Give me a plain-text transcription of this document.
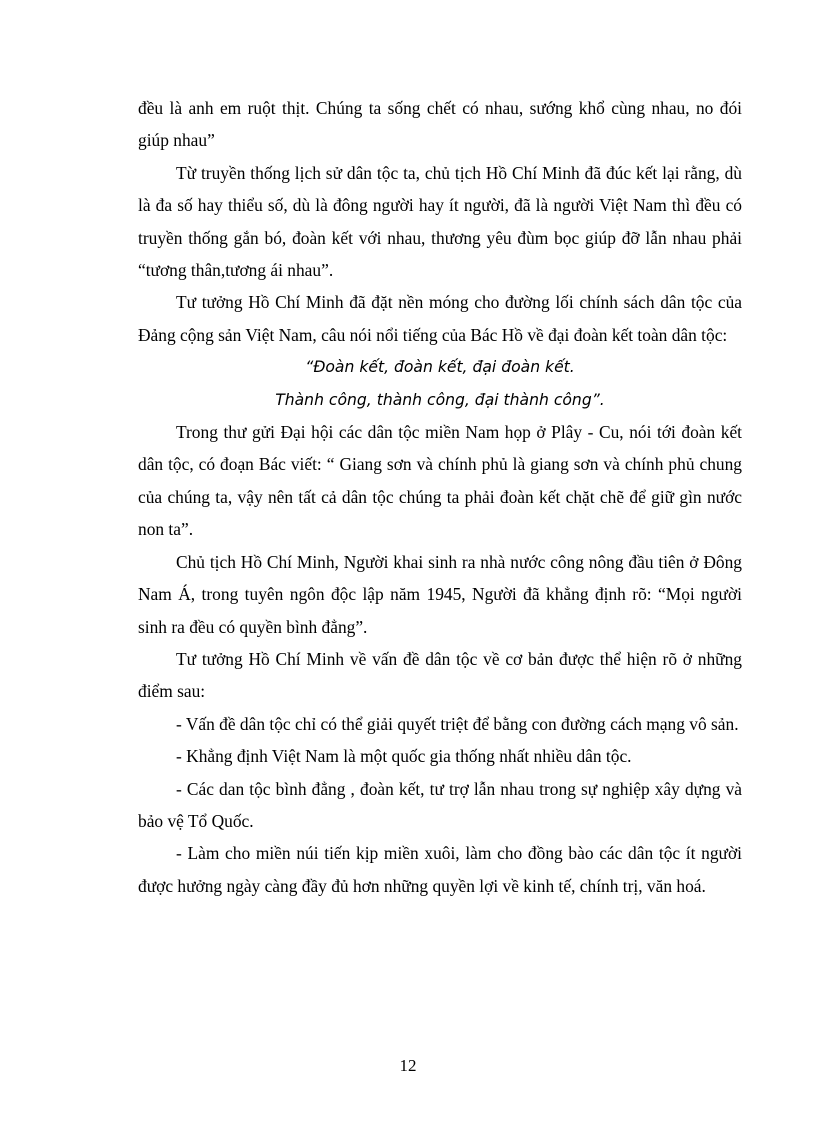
đều là anh em ruột thịt. Chúng ta sống chết có nhau, sướng khổ cùng nhau, no đói giúp nhau”

Từ truyền thống lịch sử dân tộc ta, chủ tịch Hồ Chí Minh đã đúc kết lại rằng, dù là đa số hay thiểu số, dù là đông người hay ít người, đã là người Việt Nam thì đều có truyền thống gắn bó, đoàn kết với nhau, thương yêu đùm bọc giúp đỡ lẫn nhau phải “tương thân,tương ái nhau”.

Tư tưởng Hồ Chí Minh đã đặt nền móng cho đường lối chính sách dân tộc của Đảng cộng sản Việt Nam, câu nói nổi tiếng của Bác Hồ về đại đoàn kết toàn dân tộc:

“Đoàn kết, đoàn kết, đại đoàn kết.

Thành công, thành công, đại thành công”.

Trong thư gửi Đại hội các dân tộc miền Nam họp ở Plây - Cu, nói tới đoàn kết dân tộc, có đoạn Bác viết: “ Giang sơn và chính phủ là giang sơn và chính phủ chung của chúng ta, vậy nên tất cả dân tộc chúng ta phải đoàn kết chặt chẽ để giữ gìn nước non ta”.

Chủ tịch Hồ Chí Minh, Người khai sinh ra nhà nước công nông đầu tiên ở Đông Nam Á, trong tuyên ngôn độc lập năm 1945, Người đã khẳng định rõ: “Mọi người sinh ra đều có quyền bình đẳng”.

Tư tưởng Hồ Chí Minh về vấn đề dân tộc về cơ bản được thể hiện rõ ở những điểm sau:

- Vấn đề dân tộc chỉ có thể giải quyết triệt để bằng con đường cách mạng vô sản.

- Khẳng định Việt Nam là một quốc gia thống nhất nhiều dân tộc.

- Các dan tộc bình đẳng , đoàn kết, tư trợ lẫn nhau trong sự nghiệp xây dựng và bảo vệ Tổ Quốc.

- Làm cho miền núi tiến kịp miền xuôi, làm cho đồng bào các dân tộc ít người được hưởng ngày càng đầy đủ hơn những quyền lợi về kinh tế, chính trị, văn hoá.

12
